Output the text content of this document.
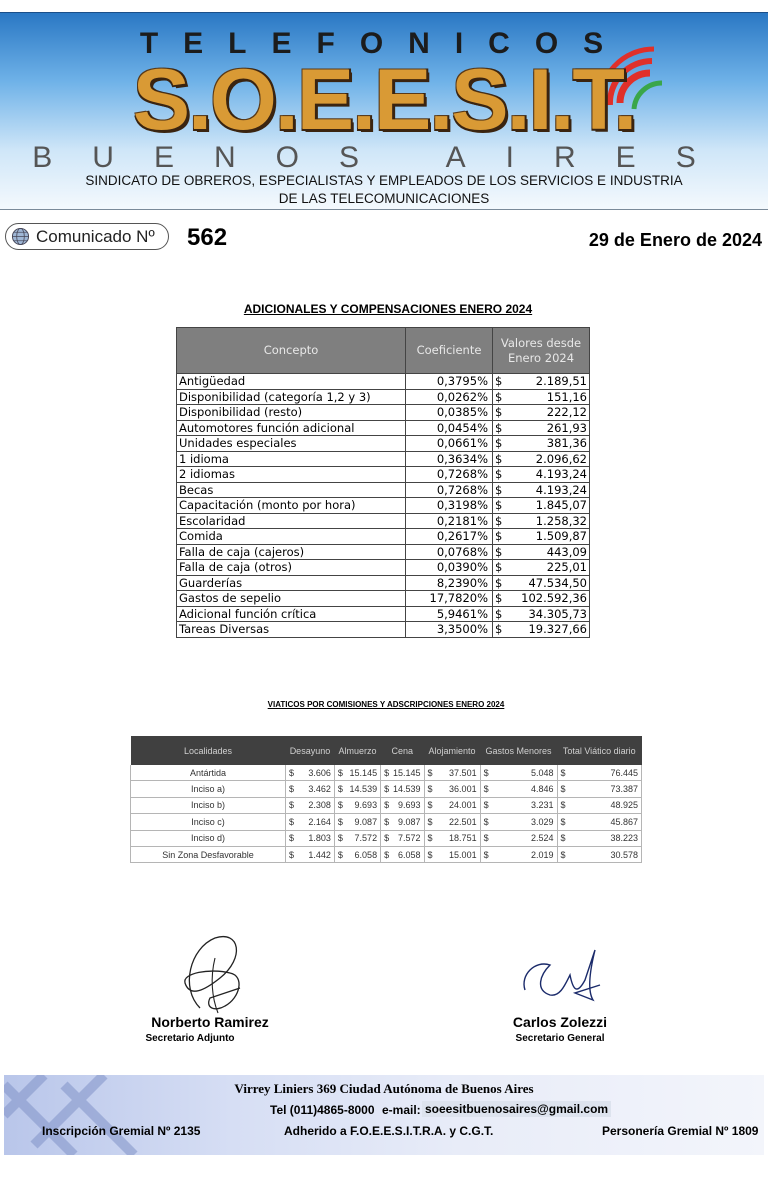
TELEFONICOS
S.O.E.E.S.I.T.
BUENOS AIRES
SINDICATO DE OBREROS, ESPECIALISTAS Y EMPLEADOS DE LOS SERVICIOS E INDUSTRIA
DE LAS TELECOMUNICACIONES
Comunicado Nº 562	29 de Enero de 2024
ADICIONALES Y COMPENSACIONES ENERO 2024
Concepto	Coeficiente	Valores desde Enero 2024
Antigüedad	0,3795%	$ 2.189,51

Disponibilidad (categoría 1,2 y 3)	0,0262%	$ 151,16

Disponibilidad (resto)	0,0385%	$ 222,12

Automotores función adicional	0,0454%	$ 261,93

Unidades especiales	0,0661%	$ 381,36

1 idioma	0,3634%	$ 2.096,62

2 idiomas	0,7268%	$ 4.193,24

Becas	0,7268%	$ 4.193,24

Capacitación (monto por hora)	0,3198%	$ 1.845,07

Escolaridad	0,2181%	$ 1.258,32

Comida	0,2617%	$ 1.509,87

Falla de caja (cajeros)	0,0768%	$ 443,09

Falla de caja (otros)	0,0390%	$ 225,01

Guarderías	8,2390%	$ 47.534,50

Gastos de sepelio	17,7820%	$ 102.592,36

Adicional función crítica	5,9461%	$ 34.305,73

Tareas Diversas	3,3500%	$ 19.327,66
VIATICOS POR COMISIONES Y ADSCRIPCIONES ENERO 2024
Localidades	Desayuno	Almuerzo	Cena	Alojamiento	Gastos Menores	Total Viático diario
Antártida	$ 3.606	$ 15.145	$ 15.145	$ 37.501	$ 5.048	$ 76.445

Inciso a)	$ 3.462	$ 14.539	$ 14.539	$ 36.001	$ 4.846	$ 73.387

Inciso b)	$ 2.308	$ 9.693	$ 9.693	$ 24.001	$ 3.231	$ 48.925

Inciso c)	$ 2.164	$ 9.087	$ 9.087	$ 22.501	$ 3.029	$ 45.867

Inciso d)	$ 1.803	$ 7.572	$ 7.572	$ 18.751	$ 2.524	$ 38.223

Sin Zona Desfavorable	$ 1.442	$ 6.058	$ 6.058	$ 15.001	$ 2.019	$ 30.578
Norberto Ramirez
Secretario Adjunto
Carlos Zolezzi
Secretario General
Virrey Liniers 369 Ciudad Autónoma de Buenos Aires
Tel (011)4865-8000 e-mail: soeesitbuenosaires@gmail.com
Inscripción Gremial Nº 2135	Adherido a F.O.E.E.S.I.T.R.A. y C.G.T.	Personería Gremial Nº 1809
